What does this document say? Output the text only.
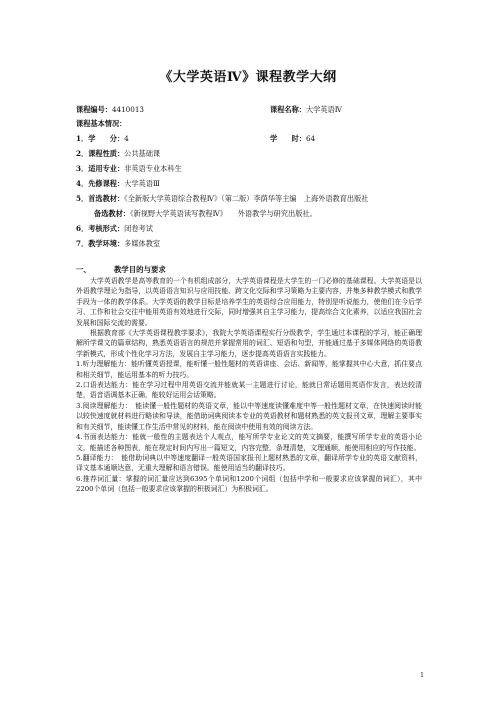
《大学英语Ⅳ》课程教学大纲
课程编号：4410013	课程名称：大学英语Ⅳ
课程基本情况：
1．学　　分：4	学　　时：64
2．课程性质：公共基础课
3．适用专业：非英语专业本科生
4．先修课程：大学英语Ⅲ
5．首选教材：《全新版大学英语综合教程Ⅳ》（第二版）李荫华等主编　上海外语教育出版社
备选教材：《新视野大学英语读写教程Ⅳ》　　外语教学与研究出版社。
6．考核形式：闭卷考试
7．教学环境：多媒体教室
一、	教学目的与要求

大学英语教学是高等教育的一个有机组成部分，大学英语课程是大学生的一门必修的基础课程。大学英语是以外语教学理论为指导，以英语语言知识与应用技能、跨文化交际和学习策略为主要内容，并集多种教学模式和教学手段为一体的教学体系。大学英语的教学目标是培养学生的英语综合应用能力，特别是听说能力，使他们在今后学习、工作和社会交往中能用英语有效地进行交际，同时增强其自主学习能力，提高综合文化素养，以适应我国社会发展和国际交流的需要。

根据教育部《大学英语课程教学要求》，我院大学英语课程实行分级教学，学生通过本课程的学习，能正确理解所学课文的篇章结构，熟悉英语语言的规范并掌握常用的词汇、短语和句型，并能通过基于多媒体网络的英语教学新模式，形成个性化学习方法，发展自主学习能力，逐步提高英语语言实践能力。

1.听力理解能力：能听懂英语授课，能听懂一般性题材的英语讲座、会话、新闻等，能掌握其中心大意，抓住要点和相关细节，能运用基本的听力技巧。

2.口语表达能力：能在学习过程中用英语交流并能就某一主题进行讨论，能就日常话题用英语作发言，表达较清楚，语音语调基本正确，能较好运用会话策略。

3.阅读理解能力：　能读懂一般性题材的英语文章，能以中等速度读懂难度中等一般性题材文章，在快速阅读时能以较快速度就材料进行略读和导读，能借助词典阅读本专业的英语教材和题材熟悉的英文报刊文章，理解主要事实和有关细节，能读懂工作生活中常见的材料，能在阅读中使用有效的阅读方法。

4.书面表达能力：能就一般性的主题表达个人观点，能写所学专业论文的英文摘要，能撰写所学专业的英语小论文，能描述各种图表，能在规定时间内写出一篇短文，内容完整，条理清楚，文理通顺，能使用相应的写作技能。

5.翻译能力：　能借助词典以中等速度翻译一般英语国家报刊上题材熟悉的文章，翻译所学专业的英语文献资料，译文基本通顺达意，无重大理解和语言错误。能使用适当的翻译技巧。

6.推荐词汇量：掌握的词汇量应达到6395个单词和1200个词组（包括中学和一般要求应该掌握的词汇），其中2200个单词（包括一般要求应该掌握的积极词汇）为积极词汇。

1
